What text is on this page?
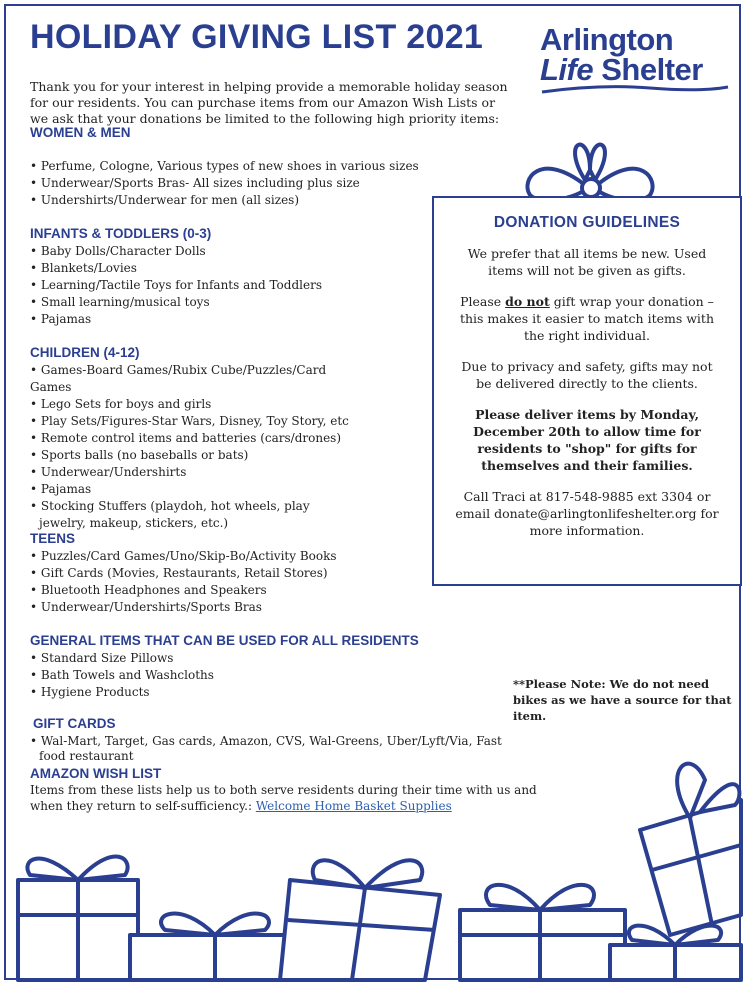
HOLIDAY GIVING LIST 2021 Arlington
Life Shelter

Thank you for your interest in helping provide a memorable holiday season for our residents. You can purchase items from our Amazon Wish Lists or we ask that your donations be limited to the following high priority items:

WOMEN & MEN
• Perfume, Cologne, Various types of new shoes in various sizes
• Underwear/Sports Bras- All sizes including plus size
• Undershirts/Underwear for men (all sizes)
INFANTS & TODDLERS (0-3)
• Baby Dolls/Character Dolls
• Blankets/Lovies
• Learning/Tactile Toys for Infants and Toddlers
• Small learning/musical toys
• Pajamas
CHILDREN (4-12)
• Games-Board Games/Rubix Cube/Puzzles/Card Games
• Lego Sets for boys and girls
• Play Sets/Figures-Star Wars, Disney, Toy Story, etc
• Remote control items and batteries (cars/drones)
• Sports balls (no baseballs or bats)
• Underwear/Undershirts
• Pajamas
• Stocking Stuffers (playdoh, hot wheels, play jewelry, makeup, stickers, etc.)
TEENS
• Puzzles/Card Games/Uno/Skip-Bo/Activity Books
• Gift Cards (Movies, Restaurants, Retail Stores)
• Bluetooth Headphones and Speakers
• Underwear/Undershirts/Sports Bras
GENERAL ITEMS THAT CAN BE USED FOR ALL RESIDENTS
• Standard Size Pillows
• Bath Towels and Washcloths
• Hygiene Products
GIFT CARDS
• Wal-Mart, Target, Gas cards, Amazon, CVS, Wal-Greens, Uber/Lyft/Via, Fast food restaurant
AMAZON WISH LIST

Items from these lists help us to both serve residents during their time with us and when they return to self-sufficiency.: Welcome Home Basket Supplies

DONATION GUIDELINES

We prefer that all items be new. Used items will not be given as gifts.

Please do not gift wrap your donation – this makes it easier to match items with the right individual.

Due to privacy and safety, gifts may not be delivered directly to the clients.

Please deliver items by Monday, December 20th to allow time for residents to "shop" for gifts for themselves and their families.

Call Traci at 817-548-9885 ext 3304 or email donate@arlingtonlifeshelter.org for more information.

**Please Note: We do not need bikes as we have a source for that item.
